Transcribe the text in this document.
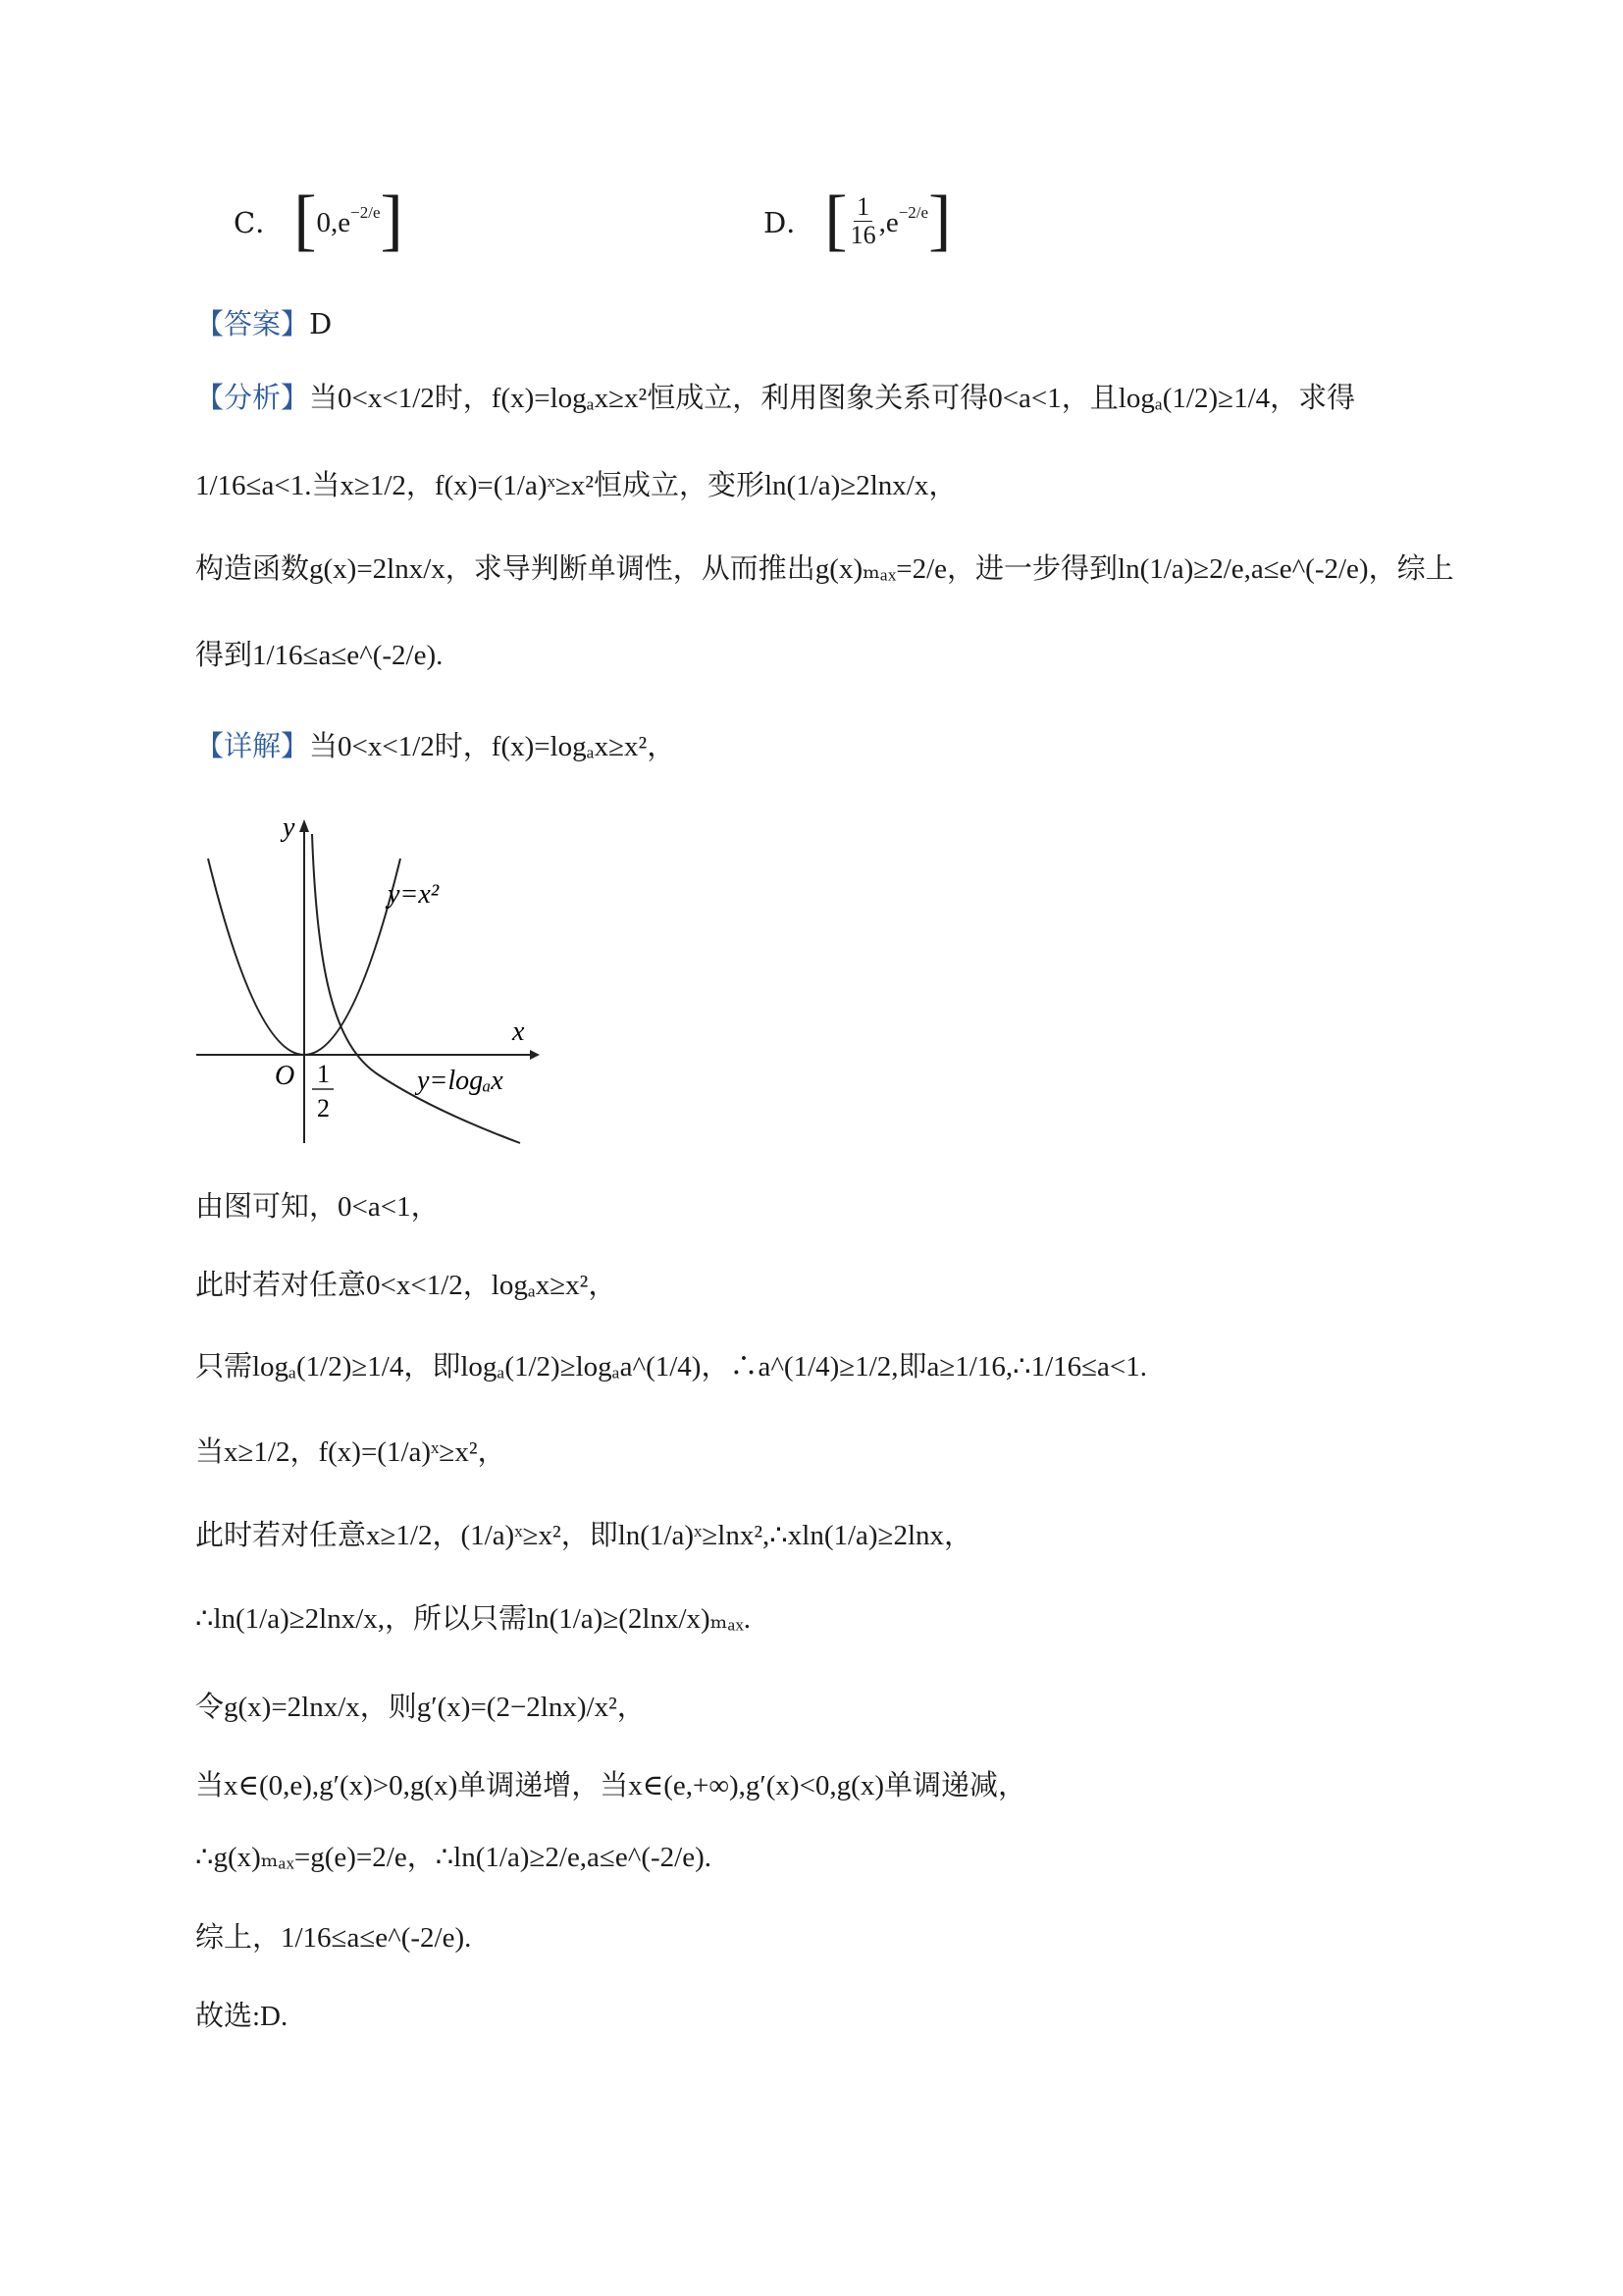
C． [ $0,e^{-2/e}$ ]	D． [ $\frac{1}{16} ,e^{-2/e}$ ]
【答案】D
【分析】当0<x<1/2时，f(x)=logₐx≥x²恒成立，利用图象关系可得0<a<1，且logₐ(1/2)≥1/4，求得
1/16≤a<1.当x≥1/2，f(x)=(1/a)ˣ≥x²恒成立，变形ln(1/a)≥2lnx/x，
构造函数g(x)=2lnx/x，求导判断单调性，从而推出g(x)ₘₐₓ=2/e，进一步得到ln(1/a)≥2/e,a≤e^(-2/e)，综上
得到1/16≤a≤e^(-2/e).
【详解】当0<x<1/2时，f(x)=logₐx≥x²，
y
x
O
y=x²
y=logₐx
1
2
由图可知，0<a<1，
此时若对任意0<x<1/2，logₐx≥x²，
只需logₐ(1/2)≥1/4，即logₐ(1/2)≥logₐa^(1/4)，∴a^(1/4)≥1/2,即a≥1/16,∴1/16≤a<1.
当x≥1/2，f(x)=(1/a)ˣ≥x²，
此时若对任意x≥1/2，(1/a)ˣ≥x²，即ln(1/a)ˣ≥lnx²,∴xln(1/a)≥2lnx，
∴ln(1/a)≥2lnx/x,，所以只需ln(1/a)≥(2lnx/x)ₘₐₓ.
令g(x)=2lnx/x，则g′(x)=(2−2lnx)/x²，
当x∈(0,e),g′(x)>0,g(x)单调递增，当x∈(e,+∞),g′(x)<0,g(x)单调递减，
∴g(x)ₘₐₓ=g(e)=2/e，∴ln(1/a)≥2/e,a≤e^(-2/e).
综上，1/16≤a≤e^(-2/e).
故选:D.
